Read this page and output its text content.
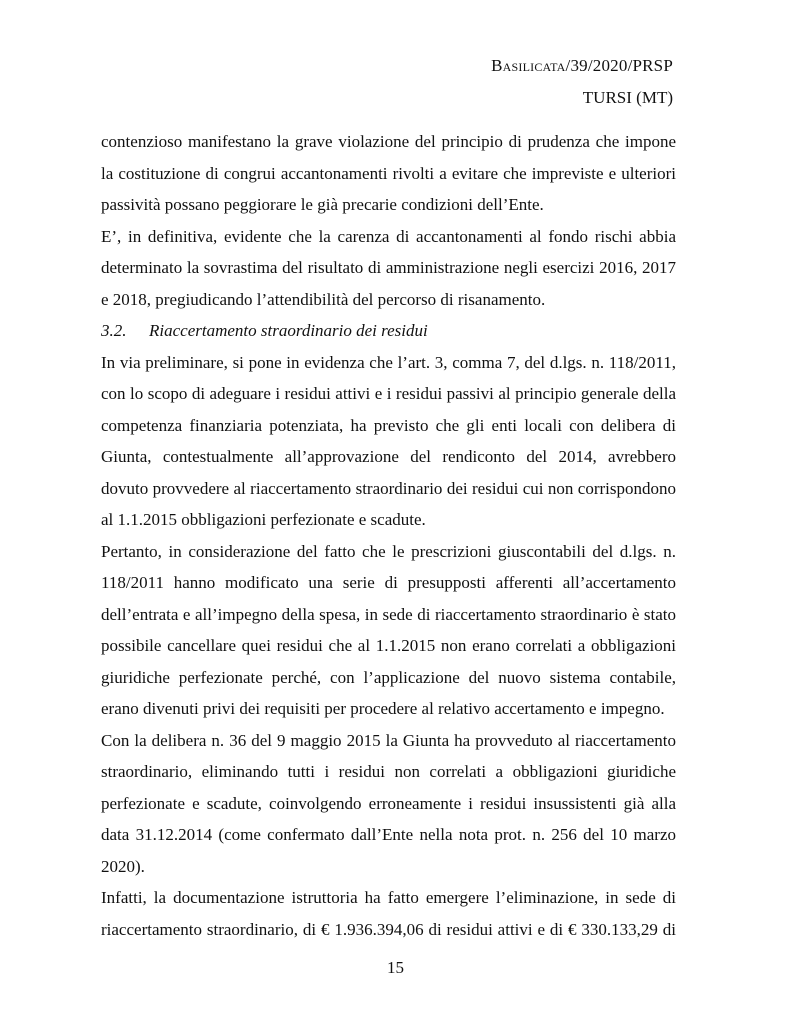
Basilicata/39/2020/PRSP
TURSI (MT)

contenzioso manifestano la grave violazione del principio di prudenza che impone la costituzione di congrui accantonamenti rivolti a evitare che impreviste e ulteriori passività possano peggiorare le già precarie condizioni dell’Ente.

E’, in definitiva, evidente che la carenza di accantonamenti al fondo rischi abbia determinato la sovrastima del risultato di amministrazione negli esercizi 2016, 2017 e 2018, pregiudicando l’attendibilità del percorso di risanamento.

3.2. Riaccertamento straordinario dei residui

In via preliminare, si pone in evidenza che l’art. 3, comma 7, del d.lgs. n. 118/2011, con lo scopo di adeguare i residui attivi e i residui passivi al principio generale della competenza finanziaria potenziata, ha previsto che gli enti locali con delibera di Giunta, contestualmente all’approvazione del rendiconto del 2014, avrebbero dovuto provvedere al riaccertamento straordinario dei residui cui non corrispondono al 1.1.2015 obbligazioni perfezionate e scadute.

Pertanto, in considerazione del fatto che le prescrizioni giuscontabili del d.lgs. n. 118/2011 hanno modificato una serie di presupposti afferenti all’accertamento dell’entrata e all’impegno della spesa, in sede di riaccertamento straordinario è stato possibile cancellare quei residui che al 1.1.2015 non erano correlati a obbligazioni giuridiche perfezionate perché, con l’applicazione del nuovo sistema contabile, erano divenuti privi dei requisiti per procedere al relativo accertamento e impegno.

Con la delibera n. 36 del 9 maggio 2015 la Giunta ha provveduto al riaccertamento straordinario, eliminando tutti i residui non correlati a obbligazioni giuridiche perfezionate e scadute, coinvolgendo erroneamente i residui insussistenti già alla data 31.12.2014 (come confermato dall’Ente nella nota prot. n. 256 del 10 marzo 2020).

Infatti, la documentazione istruttoria ha fatto emergere l’eliminazione, in sede di riaccertamento straordinario, di € 1.936.394,06 di residui attivi e di € 330.133,29 di

15
